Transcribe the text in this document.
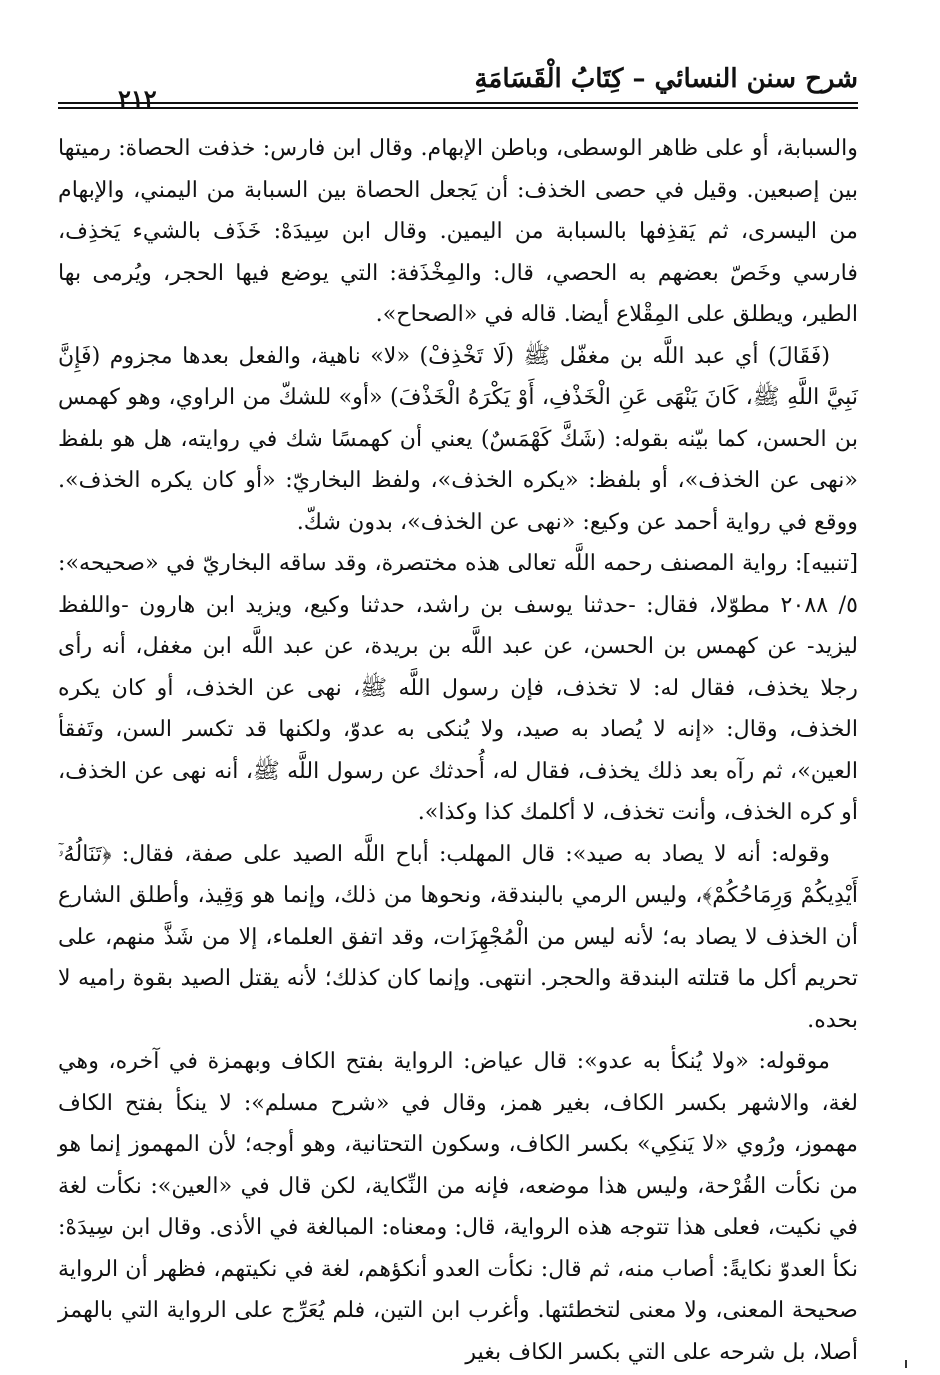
شرح سنن النسائي – كِتَابُ الْقَسَامَةِ
٢١٢

والسبابة، أو على ظاهر الوسطى، وباطن الإبهام. وقال ابن فارس: خذفت الحصاة: رميتها بين إصبعين. وقيل في حصى الخذف: أن يَجعل الحصاة بين السبابة من اليمني، والإبهام من اليسرى، ثم يَقذِفها بالسبابة من اليمين. وقال ابن سِيدَهْ: خَذَف بالشيء يَخذِف، فارسي وخَصّ بعضهم به الحصي، قال: والمِخْذَفة: التي يوضع فيها الحجر، ويُرمى بها الطير، ويطلق على المِقْلاع أيضا. قاله في «الصحاح».

(فَقَالَ) أي عبد اللَّه بن مغفّل ﷺ (لَا تَخْذِفْ) «لا» ناهية، والفعل بعدها مجزوم (فَإِنَّ نَبِيَّ اللَّهِ ﷺ، كَانَ يَنْهَى عَنِ الْخَذْفِ، أَوْ يَكْرَهُ الْخَذْفَ) «أو» للشكّ من الراوي، وهو كهمس بن الحسن، كما بيّنه بقوله: (شَكَّ كَهْمَسٌ) يعني أن كهمسًا شك في روايته، هل هو بلفظ «نهى عن الخذف»، أو بلفظ: «يكره الخذف»، ولفظ البخاريّ: «أو كان يكره الخذف». ووقع في رواية أحمد عن وكيع: «نهى عن الخذف»، بدون شكّ.

[تنبيه]: رواية المصنف رحمه اللَّه تعالى هذه مختصرة، وقد ساقه البخاريّ في «صحيحه»: ٥/ ٢٠٨٨ مطوّلا، فقال: -حدثنا يوسف بن راشد، حدثنا وكيع، ويزيد ابن هارون -واللفظ ليزيد- عن كهمس بن الحسن، عن عبد اللَّه بن بريدة، عن عبد اللَّه ابن مغفل، أنه رأى رجلا يخذف، فقال له: لا تخذف، فإن رسول اللَّه ﷺ، نهى عن الخذف، أو كان يكره الخذف، وقال: «إنه لا يُصاد به صيد، ولا يُنكى به عدوّ، ولكنها قد تكسر السن، وتَفقأ العين»، ثم رآه بعد ذلك يخذف، فقال له، أُحدثك عن رسول اللَّه ﷺ، أنه نهى عن الخذف، أو كره الخذف، وأنت تخذف، لا أكلمك كذا وكذا».

وقوله: أنه لا يصاد به صيد»: قال المهلب: أباح اللَّه الصيد على صفة، فقال: ﴿تَنَالُهُۥٓ أَيْدِيكُمْ وَرِمَاحُكُمْ﴾، وليس الرمي بالبندقة، ونحوها من ذلك، وإنما هو وَقِيذ، وأطلق الشارع أن الخذف لا يصاد به؛ لأنه ليس من الْمُجْهِزَات، وقد اتفق العلماء، إلا من شَذَّ منهم، على تحريم أكل ما قتلته البندقة والحجر. انتهى. وإنما كان كذلك؛ لأنه يقتل الصيد بقوة راميه لا بحده.

موقوله: «ولا يُنكأ به عدو»: قال عياض: الرواية بفتح الكاف وبهمزة في آخره، وهي لغة، والاشهر بكسر الكاف، بغير همز، وقال في «شرح مسلم»: لا ينكأ بفتح الكاف مهموز، ورُوي «لا يَنكِي» بكسر الكاف، وسكون التحتانية، وهو أوجه؛ لأن المهموز إنما هو من نكأت القُرْحة، وليس هذا موضعه، فإنه من النِّكاية، لكن قال في «العين»: نكأت لغة في نكيت، فعلى هذا تتوجه هذه الرواية، قال: ومعناه: المبالغة في الأذى. وقال ابن سِيدَهْ: نكأ العدوّ نكايةً: أصاب منه، ثم قال: نكأت العدو أنكؤهم، لغة في نكيتهم، فظهر أن الرواية صحيحة المعنى، ولا معنى لتخطئتها. وأغرب ابن التين، فلم يُعَرِّج على الرواية التي بالهمز أصلا، بل شرحه على التي بكسر الكاف بغير
